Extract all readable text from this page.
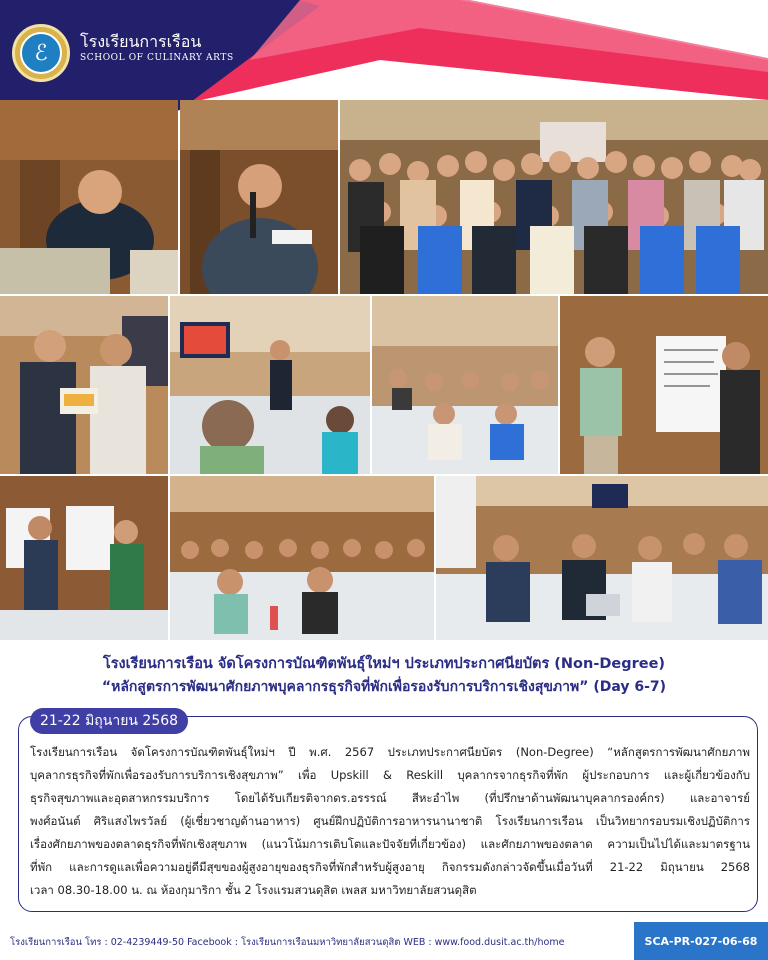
ℰ	โรงเรียนการเรือน
SCHOOL OF CULINARY ARTS
โรงเรียนการเรือน จัดโครงการบัณฑิตพันธุ์ใหม่ฯ ประเภทประกาศนียบัตร (Non-Degree)
“หลักสูตรการพัฒนาศักยภาพบุคลากรธุรกิจที่พักเพื่อรองรับการบริการเชิงสุขภาพ” (Day 6-7)
21-22 มิถุนายน 2568
โรงเรียนการเรือน จัดโครงการบัณฑิตพันธุ์ใหม่ฯ ปี พ.ศ. 2567 ประเภทประกาศนียบัตร (Non-Degree) “หลักสูตรการพัฒนาศักยภาพ
บุคลากรธุรกิจที่พักเพื่อรองรับการบริการเชิงสุขภาพ” เพื่อ Upskill & Reskill บุคลากรจากธุรกิจที่พัก ผู้ประกอบการ และผู้เกี่ยวข้องกับ
ธุรกิจสุขภาพและอุตสาหกรรมบริการ โดยได้รับเกียรติจากดร.อรรรณ์ สีหะอำไพ (ที่ปรึกษาด้านพัฒนาบุคลากรองค์กร) และอาจารย์
พงศ์อนันต์ ศิริแสงไพรวัลย์ (ผู้เชี่ยวชาญด้านอาหาร) ศูนย์ฝึกปฏิบัติการอาหารนานาชาติ โรงเรียนการเรือน เป็นวิทยากรอบรมเชิงปฏิบัติการ
เรื่องศักยภาพของตลาดธุรกิจที่พักเชิงสุขภาพ (แนวโน้มการเติบโตและปัจจัยที่เกี่ยวข้อง) และศักยภาพของตลาด ความเป็นไปได้และมาตรฐาน
ที่พัก และการดูแลเพื่อความอยู่ดีมีสุขของผู้สูงอายุของธุรกิจที่พักสำหรับผู้สูงอายุ กิจกรรมดังกล่าวจัดขึ้นเมื่อวันที่ 21-22 มิถุนายน 2568
เวลา 08.30-18.00 น. ณ ห้องกุมาริกา ชั้น 2 โรงแรมสวนดุสิต เพลส มหาวิทยาลัยสวนดุสิต
โรงเรียนการเรือน โทร : 02-4239449-50 Facebook : โรงเรียนการเรือนมหาวิทยาลัยสวนดุสิต WEB : www.food.dusit.ac.th/home	SCA-PR-027-06-68
